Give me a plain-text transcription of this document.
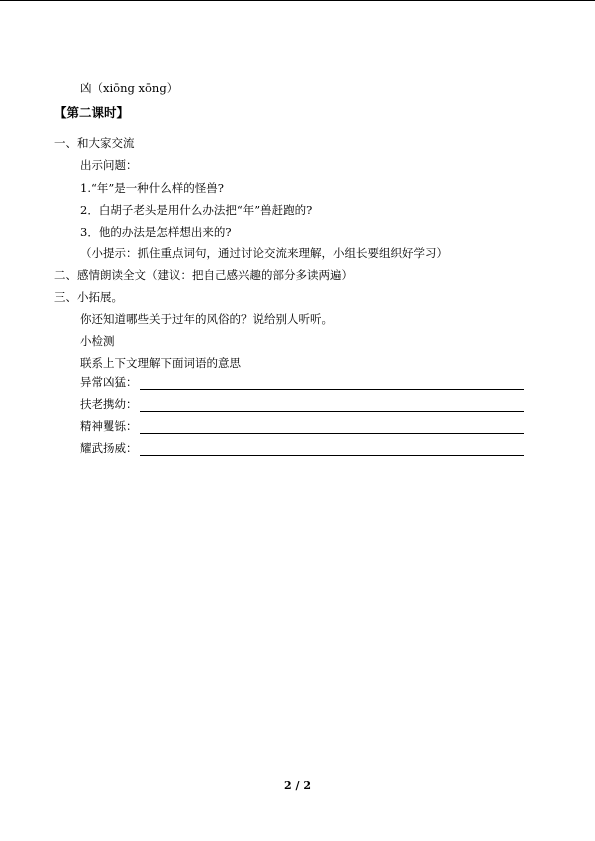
凶（xiōng xōng）
【第二课时】
一、和大家交流
出示问题：
1.“年”是一种什么样的怪兽?
2．白胡子老头是用什么办法把“年”兽赶跑的?
3．他的办法是怎样想出来的?
（小提示：抓住重点词句，通过讨论交流来理解，小组长要组织好学习）
二、感情朗读全文（建议：把自己感兴趣的部分多读两遍）
三、小拓展。
你还知道哪些关于过年的风俗的？说给别人听听。
小检测
联系上下文理解下面词语的意思
异常凶猛：
扶老携幼：
精神矍铄：
耀武扬威：
2 / 2
